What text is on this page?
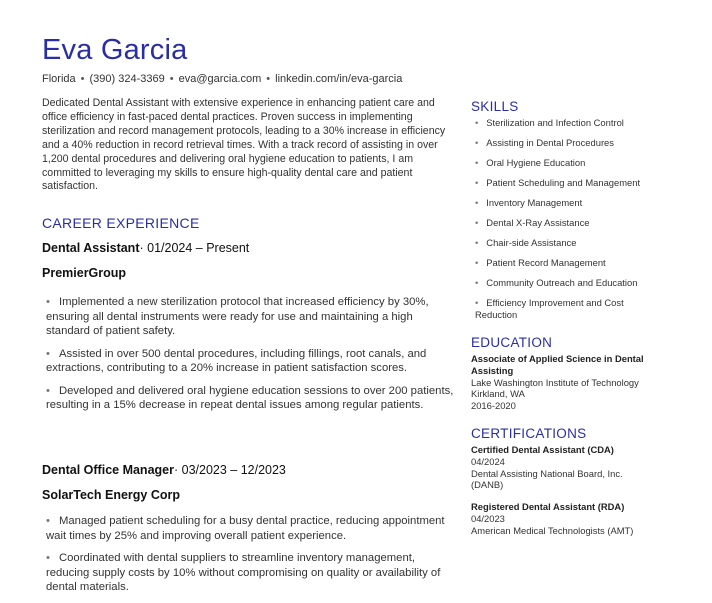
Eva Garcia
Florida • (390) 324-3369 • eva@garcia.com • linkedin.com/in/eva-garcia

Dedicated Dental Assistant with extensive experience in enhancing patient care and office efficiency in fast-paced dental practices. Proven success in implementing sterilization and record management protocols, leading to a 30% increase in efficiency and a 40% reduction in record retrieval times. With a track record of assisting in over 1,200 dental procedures and delivering oral hygiene education to patients, I am committed to leveraging my skills to ensure high-quality dental care and patient satisfaction.

CAREER EXPERIENCE
Dental Assistant· 01/2024 – Present
PremierGroup
• Implemented a new sterilization protocol that increased efficiency by 30%, ensuring all dental instruments were ready for use and maintaining a high standard of patient safety.
• Assisted in over 500 dental procedures, including fillings, root canals, and extractions, contributing to a 20% increase in patient satisfaction scores.
• Developed and delivered oral hygiene education sessions to over 200 patients, resulting in a 15% decrease in repeat dental issues among regular patients.
Dental Office Manager· 03/2023 – 12/2023
SolarTech Energy Corp
• Managed patient scheduling for a busy dental practice, reducing appointment wait times by 25% and improving overall patient experience.
• Coordinated with dental suppliers to streamline inventory management, reducing supply costs by 10% without compromising on quality or availability of dental materials.
SKILLS
• Sterilization and Infection Control
• Assisting in Dental Procedures
• Oral Hygiene Education
• Patient Scheduling and Management
• Inventory Management
• Dental X-Ray Assistance
• Chair-side Assistance
• Patient Record Management
• Community Outreach and Education
• Efficiency Improvement and Cost Reduction
EDUCATION
Associate of Applied Science in Dental Assisting
Lake Washington Institute of Technology
Kirkland, WA
2016-2020
CERTIFICATIONS
Certified Dental Assistant (CDA)
04/2024
Dental Assisting National Board, Inc. (DANB)
Registered Dental Assistant (RDA)
04/2023
American Medical Technologists (AMT)
